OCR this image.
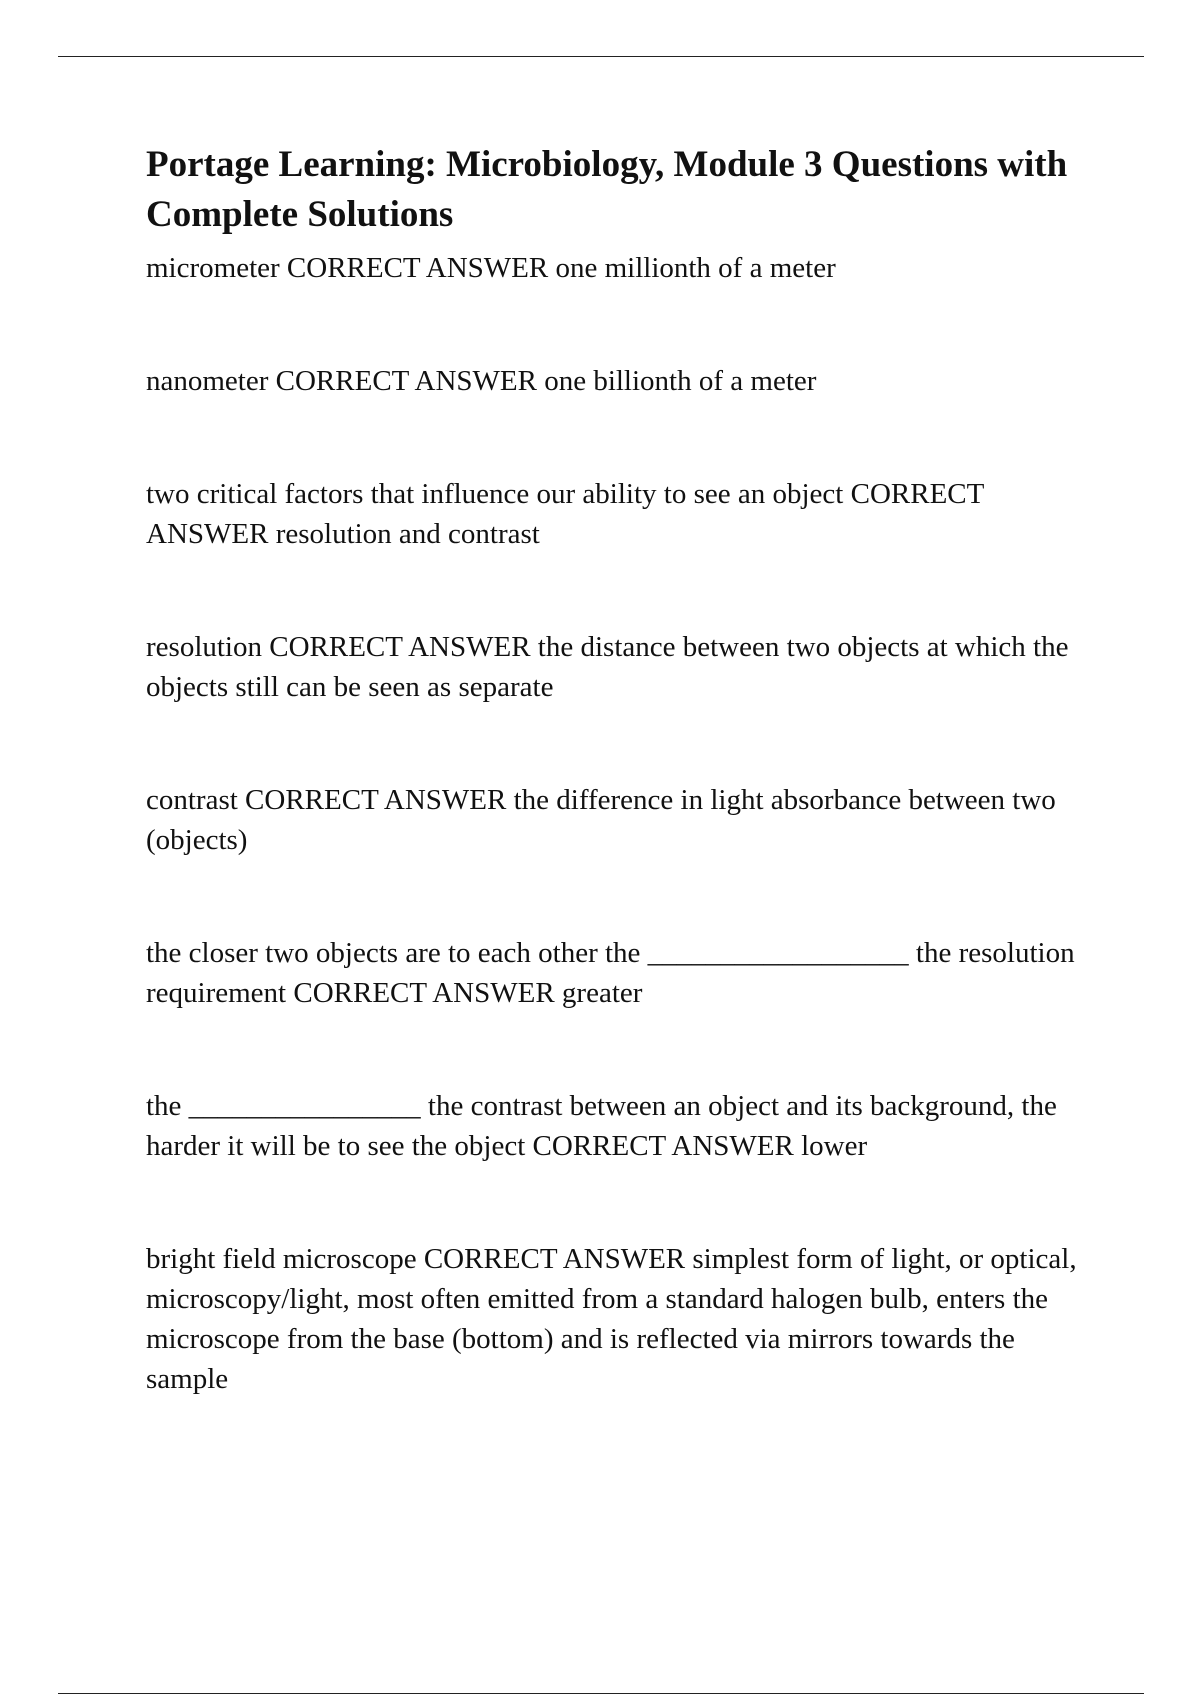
Portage Learning: Microbiology, Module 3 Questions with Complete Solutions

micrometer CORRECT ANSWER one millionth of a meter

nanometer CORRECT ANSWER one billionth of a meter

two critical factors that influence our ability to see an object CORRECT ANSWER resolution and contrast

resolution CORRECT ANSWER the distance between two objects at which the objects still can be seen as separate

contrast CORRECT ANSWER the difference in light absorbance between two (objects)

the closer two objects are to each other the __________________ the resolution requirement CORRECT ANSWER greater

the ________________ the contrast between an object and its background, the harder it will be to see the object CORRECT ANSWER lower

bright field microscope CORRECT ANSWER simplest form of light, or optical, microscopy/light, most often emitted from a standard halogen bulb, enters the microscope from the base (bottom) and is reflected via mirrors towards the sample
